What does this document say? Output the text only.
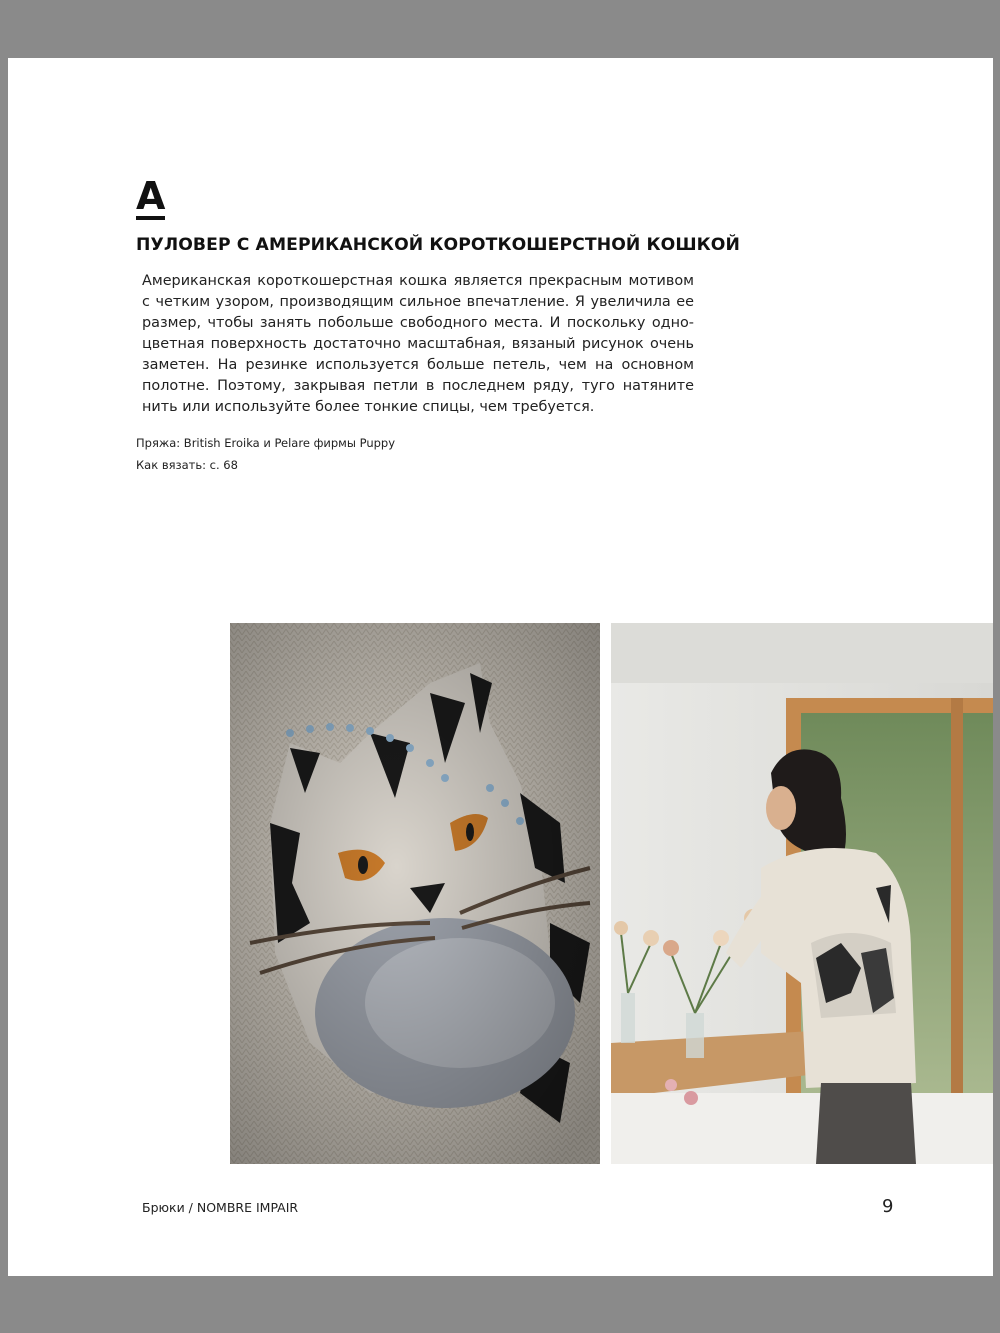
A
ПУЛОВЕР С АМЕРИКАНСКОЙ КОРОТКОШЕРСТНОЙ КОШКОЙ
Американская короткошерстная кошка является прекрасным мотивом с четким узором, производящим сильное впечатление. Я увеличила ее размер, чтобы занять побольше свободного места. И поскольку одно-цветная поверхность достаточно масштабная, вязаный рисунок очень заметен. На резинке используется больше петель, чем на основном полотне. Поэтому, закрывая петли в последнем ряду, туго натяните нить или используйте более тонкие спицы, чем требуется.
Пряжа: British Eroika и Pelare фирмы Puppy
Как вязать: с. 68
Брюки / NOMBRE IMPAIR	9
